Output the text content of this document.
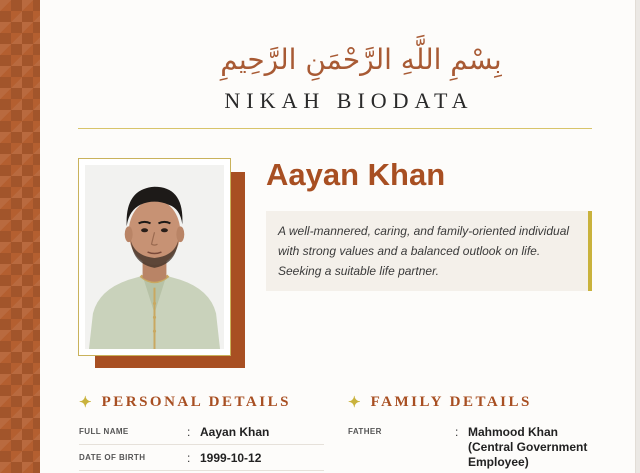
بِسْمِ اللَّهِ الرَّحْمَنِ الرَّحِيمِ
NIKAH BIODATA
Aayan Khan
A well-mannered, caring, and family-oriented individual with strong values and a balanced outlook on life. Seeking a suitable life partner.
✦ PERSONAL DETAILS	✦ FAMILY DETAILS
FULL NAME	: Aayan Khan
DATE OF BIRTH	: 1999-10-12
FATHER	: Mahmood Khan (Central Government Employee)
